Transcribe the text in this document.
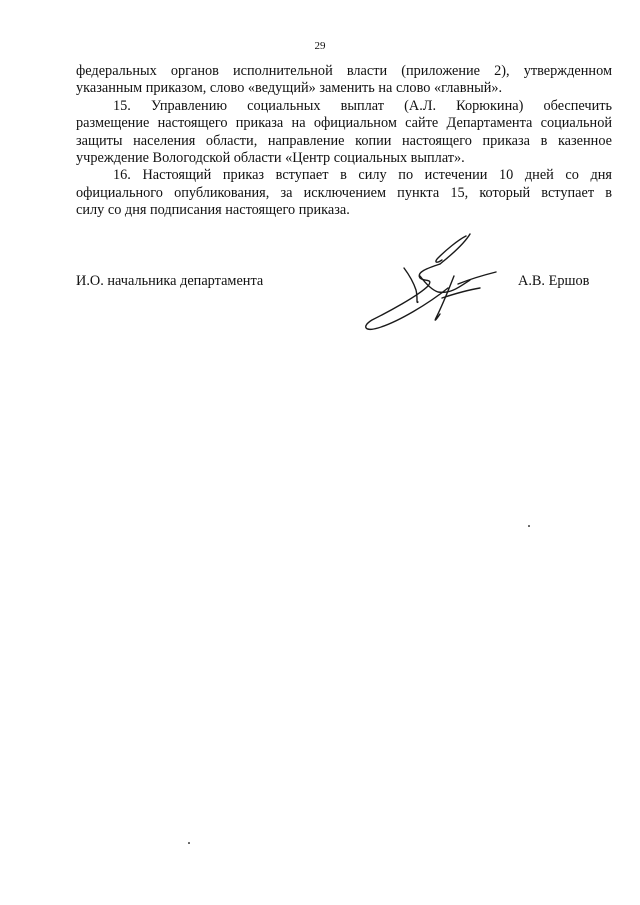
29

федеральных органов исполнительной власти (приложение 2), утвержденном
указанным приказом, слово «ведущий» заменить на слово «главный».

15. Управлению социальных выплат (А.Л. Корюкина) обеспечить
размещение настоящего приказа на официальном сайте Департамента социальной
защиты населения области, направление копии настоящего приказа в казенное
учреждение Вологодской области «Центр социальных выплат».

16. Настоящий приказ вступает в силу по истечении 10 дней со дня
официального опубликования, за исключением пункта 15, который вступает в
силу со дня подписания настоящего приказа.

И.О. начальника департамента	А.В. Ершов
